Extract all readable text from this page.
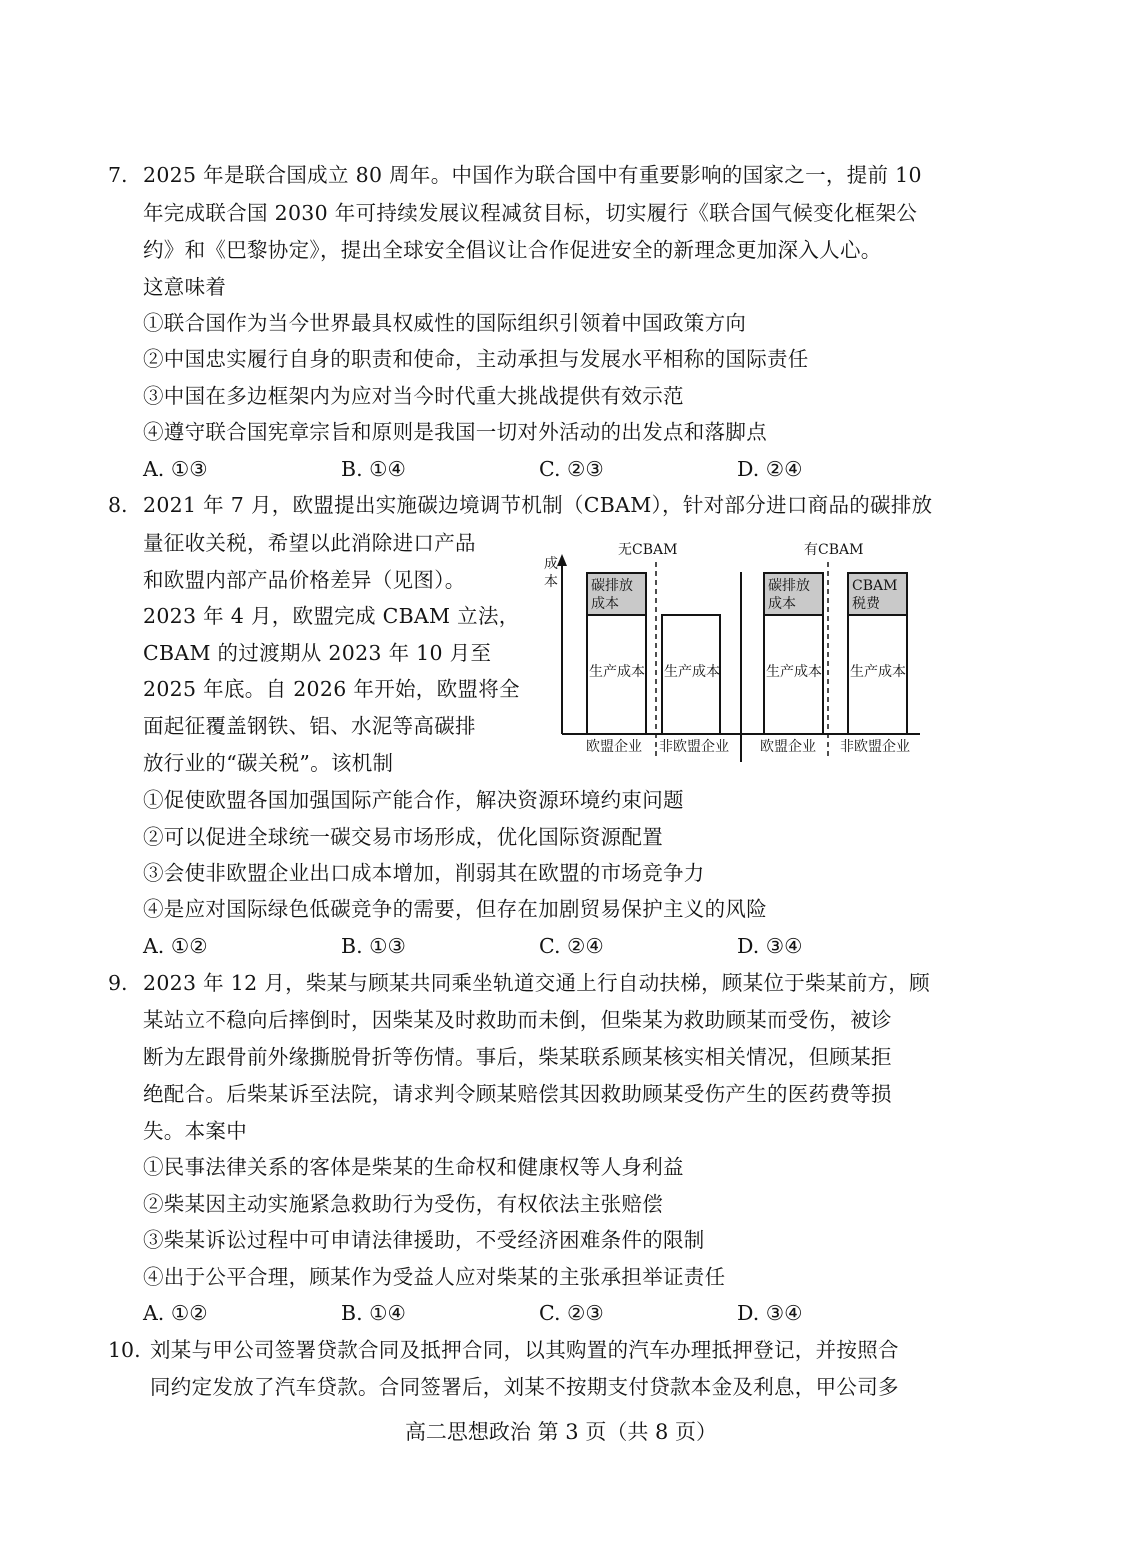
7. 2025 年是联合国成立 80 周年。中国作为联合国中有重要影响的国家之一，提前 10
年完成联合国 2030 年可持续发展议程减贫目标，切实履行《联合国气候变化框架公
约》和《巴黎协定》，提出全球安全倡议让合作促进安全的新理念更加深入人心。
这意味着
①联合国作为当今世界最具权威性的国际组织引领着中国政策方向
②中国忠实履行自身的职责和使命，主动承担与发展水平相称的国际责任
③中国在多边框架内为应对当今时代重大挑战提供有效示范
④遵守联合国宪章宗旨和原则是我国一切对外活动的出发点和落脚点
A. ①③	B. ①④	C. ②③	D. ②④
8. 2021 年 7 月，欧盟提出实施碳边境调节机制（CBAM），针对部分进口商品的碳排放
量征收关税，希望以此消除进口产品
和欧盟内部产品价格差异（见图）。
2023 年 4 月，欧盟完成 CBAM 立法，
CBAM 的过渡期从 2023 年 10 月至
2025 年底。自 2026 年开始，欧盟将全
面起征覆盖钢铁、铝、水泥等高碳排
放行业的“碳关税”。该机制
成
本
无CBAM	有CBAM
碳排放
成本
生产成本 生产成本
欧盟企业 非欧盟企业
碳排放
成本
生产成本
CBAM
税费
生产成本
欧盟企业 非欧盟企业
①促使欧盟各国加强国际产能合作，解决资源环境约束问题
②可以促进全球统一碳交易市场形成，优化国际资源配置
③会使非欧盟企业出口成本增加，削弱其在欧盟的市场竞争力
④是应对国际绿色低碳竞争的需要，但存在加剧贸易保护主义的风险
A. ①②	B. ①③	C. ②④	D. ③④
9. 2023 年 12 月，柴某与顾某共同乘坐轨道交通上行自动扶梯，顾某位于柴某前方，顾
某站立不稳向后摔倒时，因柴某及时救助而未倒，但柴某为救助顾某而受伤，被诊
断为左跟骨前外缘撕脱骨折等伤情。事后，柴某联系顾某核实相关情况，但顾某拒
绝配合。后柴某诉至法院，请求判令顾某赔偿其因救助顾某受伤产生的医药费等损
失。本案中
①民事法律关系的客体是柴某的生命权和健康权等人身利益
②柴某因主动实施紧急救助行为受伤，有权依法主张赔偿
③柴某诉讼过程中可申请法律援助，不受经济困难条件的限制
④出于公平合理，顾某作为受益人应对柴某的主张承担举证责任
A. ①②	B. ①④	C. ②③	D. ③④
10. 刘某与甲公司签署贷款合同及抵押合同，以其购置的汽车办理抵押登记，并按照合
同约定发放了汽车贷款。合同签署后，刘某不按期支付贷款本金及利息，甲公司多
高二思想政治 第 3 页（共 8 页）
